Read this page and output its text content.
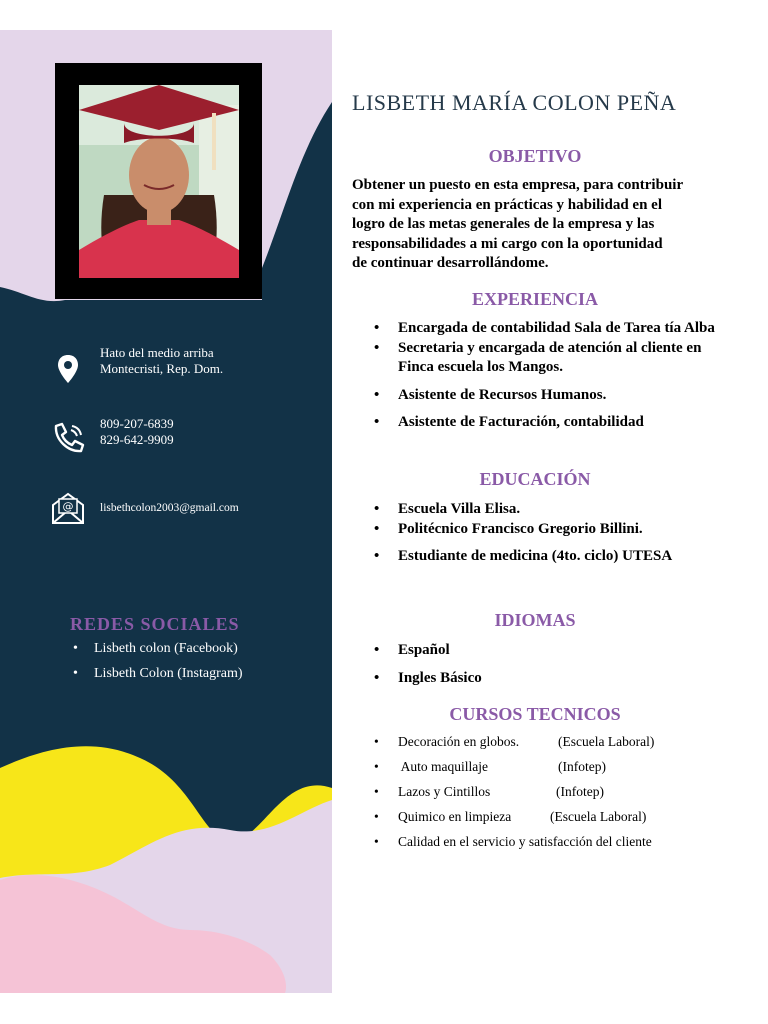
Hato del medio arriba
Montecristi, Rep. Dom.
809-207-6839
829-642-9909
@ lisbethcolon2003@gmail.com
REDES SOCIALES
• Lisbeth colon (Facebook)
• Lisbeth Colon (Instagram)
LISBETH MARÍA COLON PEÑA
OBJETIVO
Obtener un puesto en esta empresa, para contribuir
con mi experiencia en prácticas y habilidad en el
logro de las metas generales de la empresa y las
responsabilidades a mi cargo con la oportunidad
de continuar desarrollándome.
EXPERIENCIA
• Encargada de contabilidad Sala de Tarea tía Alba
• Secretaria y encargada de atención al cliente en Finca escuela los Mangos.
• Asistente de Recursos Humanos.
• Asistente de Facturación, contabilidad
EDUCACIÓN
• Escuela Villa Elisa.
• Politécnico Francisco Gregorio Billini.
• Estudiante de medicina (4to. ciclo) UTESA
IDIOMAS
• Español
• Ingles Básico
CURSOS TECNICOS
• Decoración en globos.	(Escuela Laboral)
•  Auto maquillaje	(Infotep)
• Lazos y Cintillos	(Infotep)
• Quimico en limpieza	(Escuela Laboral)
• Calidad en el servicio y satisfacción del cliente
